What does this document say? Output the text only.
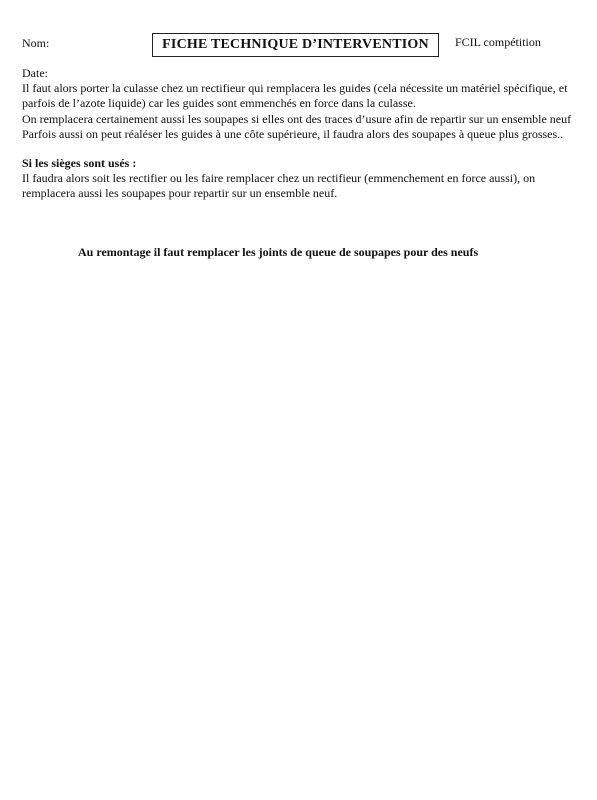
Nom:	FICHE TECHNIQUE D’INTERVENTION FCIL compétition

Date:

Il faut alors porter la culasse chez un rectifieur qui remplacera les guides (cela nécessite un matériel spécifique, et parfois de l’azote liquide) car les guides sont emmenchés en force dans la culasse.

On remplacera certainement aussi les soupapes si elles ont des traces d’usure afin de repartir sur un ensemble neuf

Parfois aussi on peut réaléser les guides à une côte supérieure, il faudra alors des soupapes à queue plus grosses..

Si les sièges sont usés :

Il faudra alors soit les rectifier ou les faire remplacer chez un rectifieur (emmenchement en force aussi), on remplacera aussi les soupapes pour repartir sur un ensemble neuf.

Au remontage il faut remplacer les joints de queue de soupapes pour des neufs
